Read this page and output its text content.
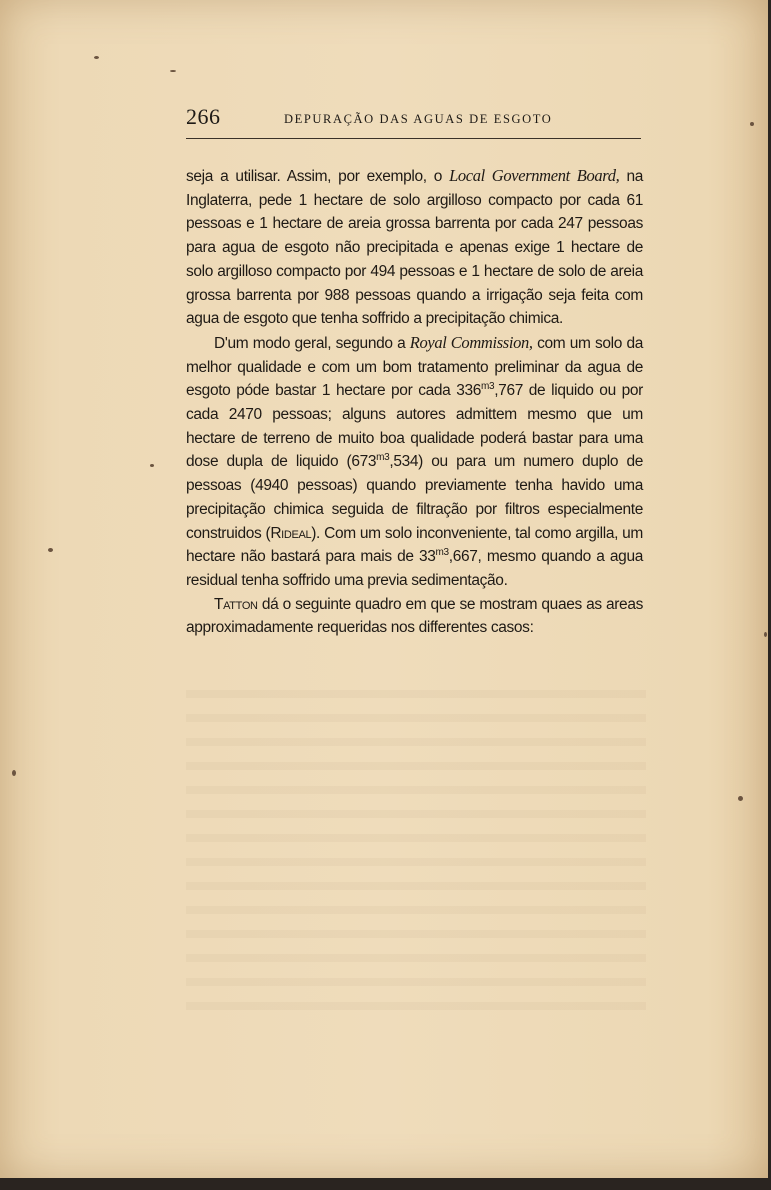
266	DEPURAÇÃO DAS AGUAS DE ESGOTO

seja a utilisar. Assim, por exemplo, o Local Government Board, na Inglaterra, pede 1 hectare de solo argilloso compacto por cada 61 pessoas e 1 hectare de areia grossa barrenta por cada 247 pessoas para agua de esgoto não precipitada e apenas exige 1 hectare de solo argilloso compacto por 494 pessoas e 1 hectare de solo de areia grossa barrenta por 988 pessoas quando a irrigação seja feita com agua de esgoto que tenha soffrido a precipitação chimica.

D'um modo geral, segundo a Royal Commission, com um solo da melhor qualidade e com um bom tratamento preliminar da agua de esgoto póde bastar 1 hectare por cada $336^{m3},767$ de liquido ou por cada 2470 pessoas; alguns autores admittem mesmo que um hectare de terreno de muito boa qualidade poderá bastar para uma dose dupla de liquido $(673^{m3},534)$ ou para um numero duplo de pessoas (4940 pessoas) quando previamente tenha havido uma precipitação chimica seguida de filtração por filtros especialmente construidos (Rideal). Com um solo inconveniente, tal como argilla, um hectare não bastará para mais de $33^{m3},667$, mesmo quando a agua residual tenha soffrido uma previa sedimentação.

Tatton dá o seguinte quadro em que se mostram quaes as areas approximadamente requeridas nos differentes casos:
